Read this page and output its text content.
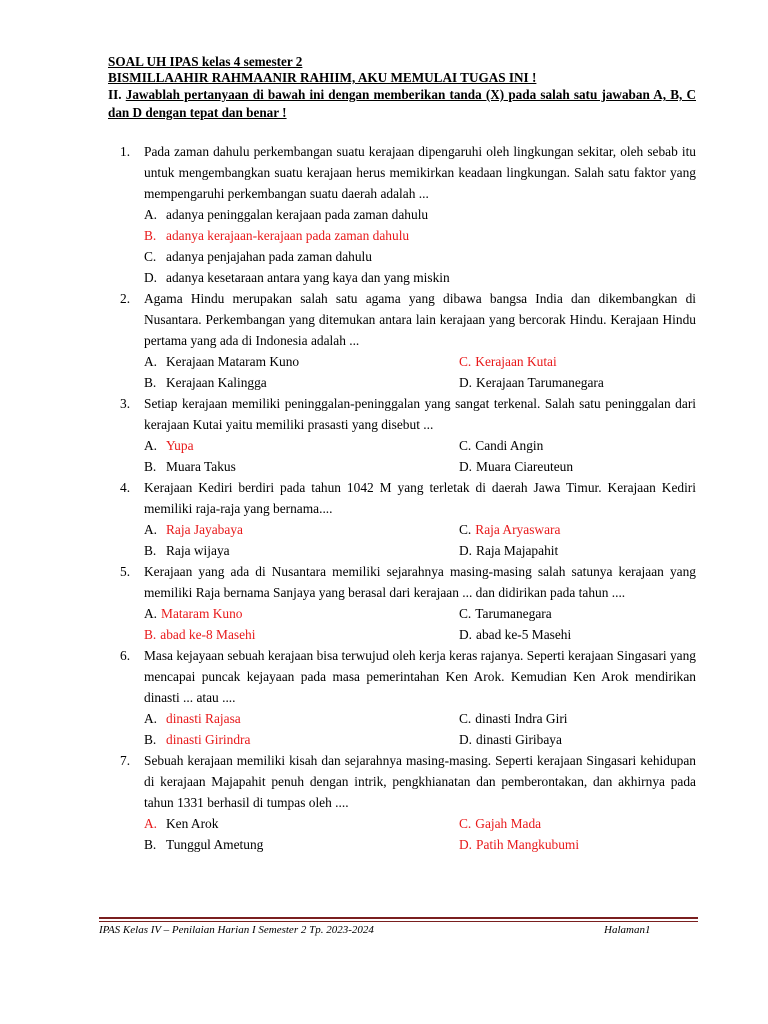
SOAL UH IPAS kelas 4 semester 2
BISMILLAAHIR RAHMAANIR RAHIIM, AKU MEMULAI TUGAS INI !
II. Jawablah pertanyaan di bawah ini dengan memberikan tanda (X) pada salah satu jawaban A, B, C dan D dengan tepat dan benar !
1. Pada zaman dahulu perkembangan suatu kerajaan dipengaruhi oleh lingkungan sekitar, oleh sebab itu untuk mengembangkan suatu kerajaan herus memikirkan keadaan lingkungan. Salah satu faktor yang mempengaruhi perkembangan suatu daerah adalah ...
A. adanya peninggalan kerajaan pada zaman dahulu
B. adanya kerajaan-kerajaan pada zaman dahulu
C. adanya penjajahan pada zaman dahulu
D. adanya kesetaraan antara yang kaya dan yang miskin
2. Agama Hindu merupakan salah satu agama yang dibawa bangsa India dan dikembangkan di Nusantara. Perkembangan yang ditemukan antara lain kerajaan yang bercorak Hindu. Kerajaan Hindu pertama yang ada di Indonesia adalah ...
A. Kerajaan Mataram Kuno	C. Kerajaan Kutai
B. Kerajaan Kalingga	D. Kerajaan Tarumanegara
3. Setiap kerajaan memiliki peninggalan-peninggalan yang sangat terkenal. Salah satu peninggalan dari kerajaan Kutai yaitu memiliki prasasti yang disebut ...
A. Yupa	C. Candi Angin
B. Muara Takus	D. Muara Ciareuteun
4. Kerajaan Kediri berdiri pada tahun 1042 M yang terletak di daerah Jawa Timur. Kerajaan Kediri memiliki raja-raja yang bernama....
A. Raja Jayabaya	C. Raja Aryaswara
B. Raja wijaya	D. Raja Majapahit
5. Kerajaan yang ada di Nusantara memiliki sejarahnya masing-masing salah satunya kerajaan yang memiliki Raja bernama Sanjaya yang berasal dari kerajaan ... dan didirikan pada tahun ....
A. Mataram Kuno	C. Tarumanegara
B. abad ke-8 Masehi	D. abad ke-5 Masehi
6. Masa kejayaan sebuah kerajaan bisa terwujud oleh kerja keras rajanya. Seperti kerajaan Singasari yang mencapai puncak kejayaan pada masa pemerintahan Ken Arok. Kemudian Ken Arok mendirikan dinasti ... atau ....
A. dinasti Rajasa	C. dinasti Indra Giri
B. dinasti Girindra	D. dinasti Giribaya
7. Sebuah kerajaan memiliki kisah dan sejarahnya masing-masing. Seperti kerajaan Singasari kehidupan di kerajaan Majapahit penuh dengan intrik, pengkhianatan dan pemberontakan, dan akhirnya pada tahun 1331 berhasil di tumpas oleh ....
A. Ken Arok	C. Gajah Mada
B. Tunggul Ametung	D. Patih Mangkubumi
IPAS Kelas IV – Penilaian Harian I Semester 2 Tp. 2023-2024	Halaman1
